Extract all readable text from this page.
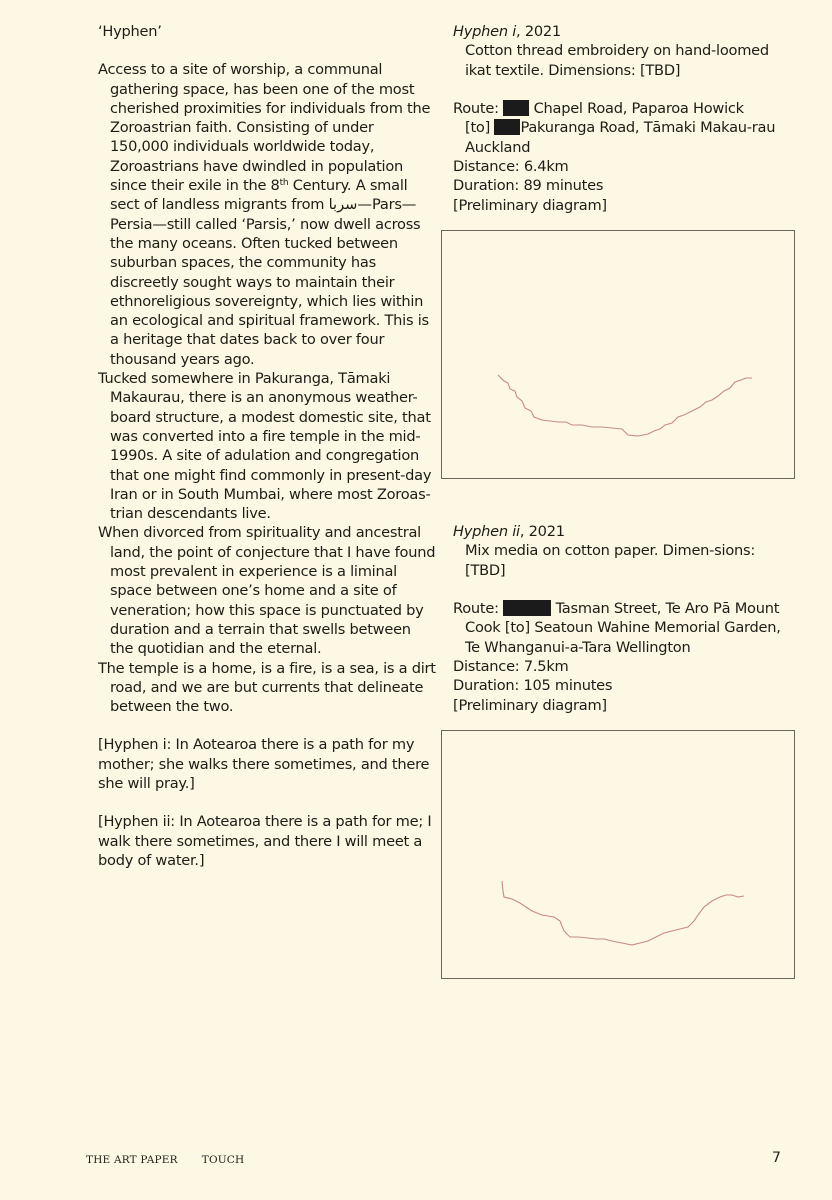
‘Hyphen’

Access to a site of worship, a communal gathering space, has been one of the most cherished proximities for individuals from the Zoroastrian faith. Consisting of under 150,000 individuals worldwide today, Zoroastrians have dwindled in population since their exile in the 8th Century. A small sect of landless migrants from سربا—Pars—Persia—still called ‘Parsis,’ now dwell across the many oceans. Often tucked between suburban spaces, the community has discreetly sought ways to maintain their ethnoreligious sovereignty, which lies within an ecological and spiritual framework. This is a heritage that dates back to over four thousand years ago.

Tucked somewhere in Pakuranga, Tāmaki Makaurau, there is an anonymous weather-board structure, a modest domestic site, that was converted into a fire temple in the mid-1990s. A site of adulation and congregation that one might find commonly in present-day Iran or in South Mumbai, where most Zoroas-trian descendants live.

When divorced from spirituality and ancestral land, the point of conjecture that I have found most prevalent in experience is a liminal space between one’s home and a site of veneration; how this space is punctuated by duration and a terrain that swells between the quotidian and the eternal.

The temple is a home, is a fire, is a sea, is a dirt road, and we are but currents that delineate between the two.

[Hyphen i: In Aotearoa there is a path for my mother; she walks there sometimes, and there she will pray.]

[Hyphen ii: In Aotearoa there is a path for me; I walk there sometimes, and there I will meet a body of water.]

Hyphen i, 2021
Cotton thread embroidery on hand-loomed ikat textile. Dimensions: [TBD]

Route: Chapel Road, Paparoa Howick
[to] Pakuranga Road, Tāmaki Makau-rau Auckland

Distance: 6.4km

Duration: 89 minutes

[Preliminary diagram]

Hyphen ii, 2021
Mix media on cotton paper. Dimen-sions: [TBD]

Route:	Tasman Street, Te Aro Pā Mount Cook [to] Seatoun Wahine Memorial Garden, Te Whanganui-a-Tara Wellington

Distance: 7.5km

Duration: 105 minutes

[Preliminary diagram]

THE ART PAPER TOUCH	7
